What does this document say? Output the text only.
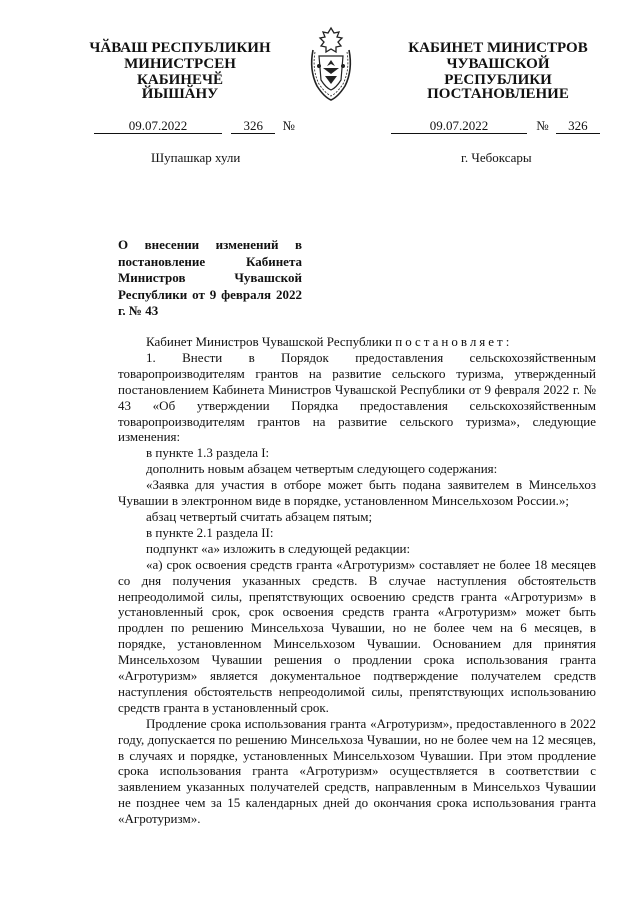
ЧӐВАШ РЕСПУБЛИКИН
МИНИСТРСЕН КАБИНЕЧӖ
ЙЫШӐНУ
КАБИНЕТ МИНИСТРОВ
ЧУВАШСКОЙ РЕСПУБЛИКИ
ПОСТАНОВЛЕНИЕ
09.07.2022	326 №	09.07.2022	№ 326
Шупашкар хули	г. Чебоксары
О внесении изменений в постановление Кабинета Министров Чувашской Республики от 9 февраля 2022 г. № 43

Кабинет Министров Чувашской Республики постановляет:

1. Внести в Порядок предоставления сельскохозяйственным товаропроизводителям грантов на развитие сельского туризма, утвержденный постановлением Кабинета Министров Чувашской Республики от 9 февраля 2022 г. № 43 «Об утверждении Порядка предоставления сельскохозяйственным товаропроизводителям грантов на развитие сельского туризма», следующие изменения:

в пункте 1.3 раздела I:

дополнить новым абзацем четвертым следующего содержания:

«Заявка для участия в отборе может быть подана заявителем в Минсельхоз Чувашии в электронном виде в порядке, установленном Минсельхозом России.»;

абзац четвертый считать абзацем пятым;

в пункте 2.1 раздела II:

подпункт «а» изложить в следующей редакции:

«а) срок освоения средств гранта «Агротуризм» составляет не более 18 месяцев со дня получения указанных средств. В случае наступления обстоятельств непреодолимой силы, препятствующих освоению средств гранта «Агротуризм» в установленный срок, срок освоения средств гранта «Агротуризм» может быть продлен по решению Минсельхоза Чувашии, но не более чем на 6 месяцев, в порядке, установленном Минсельхозом Чувашии. Основанием для принятия Минсельхозом Чувашии решения о продлении срока использования гранта «Агротуризм» является документальное подтверждение получателем средств наступления обстоятельств непреодолимой силы, препятствующих использованию средств гранта в установленный срок.

Продление срока использования гранта «Агротуризм», предоставленного в 2022 году, допускается по решению Минсельхоза Чувашии, но не более чем на 12 месяцев, в случаях и порядке, установленных Минсельхозом Чувашии. При этом продление срока использования гранта «Агротуризм» осуществляется в соответствии с заявлением указанных получателей средств, направленным в Минсельхоз Чувашии не позднее чем за 15 календарных дней до окончания срока использования гранта «Агротуризм».
